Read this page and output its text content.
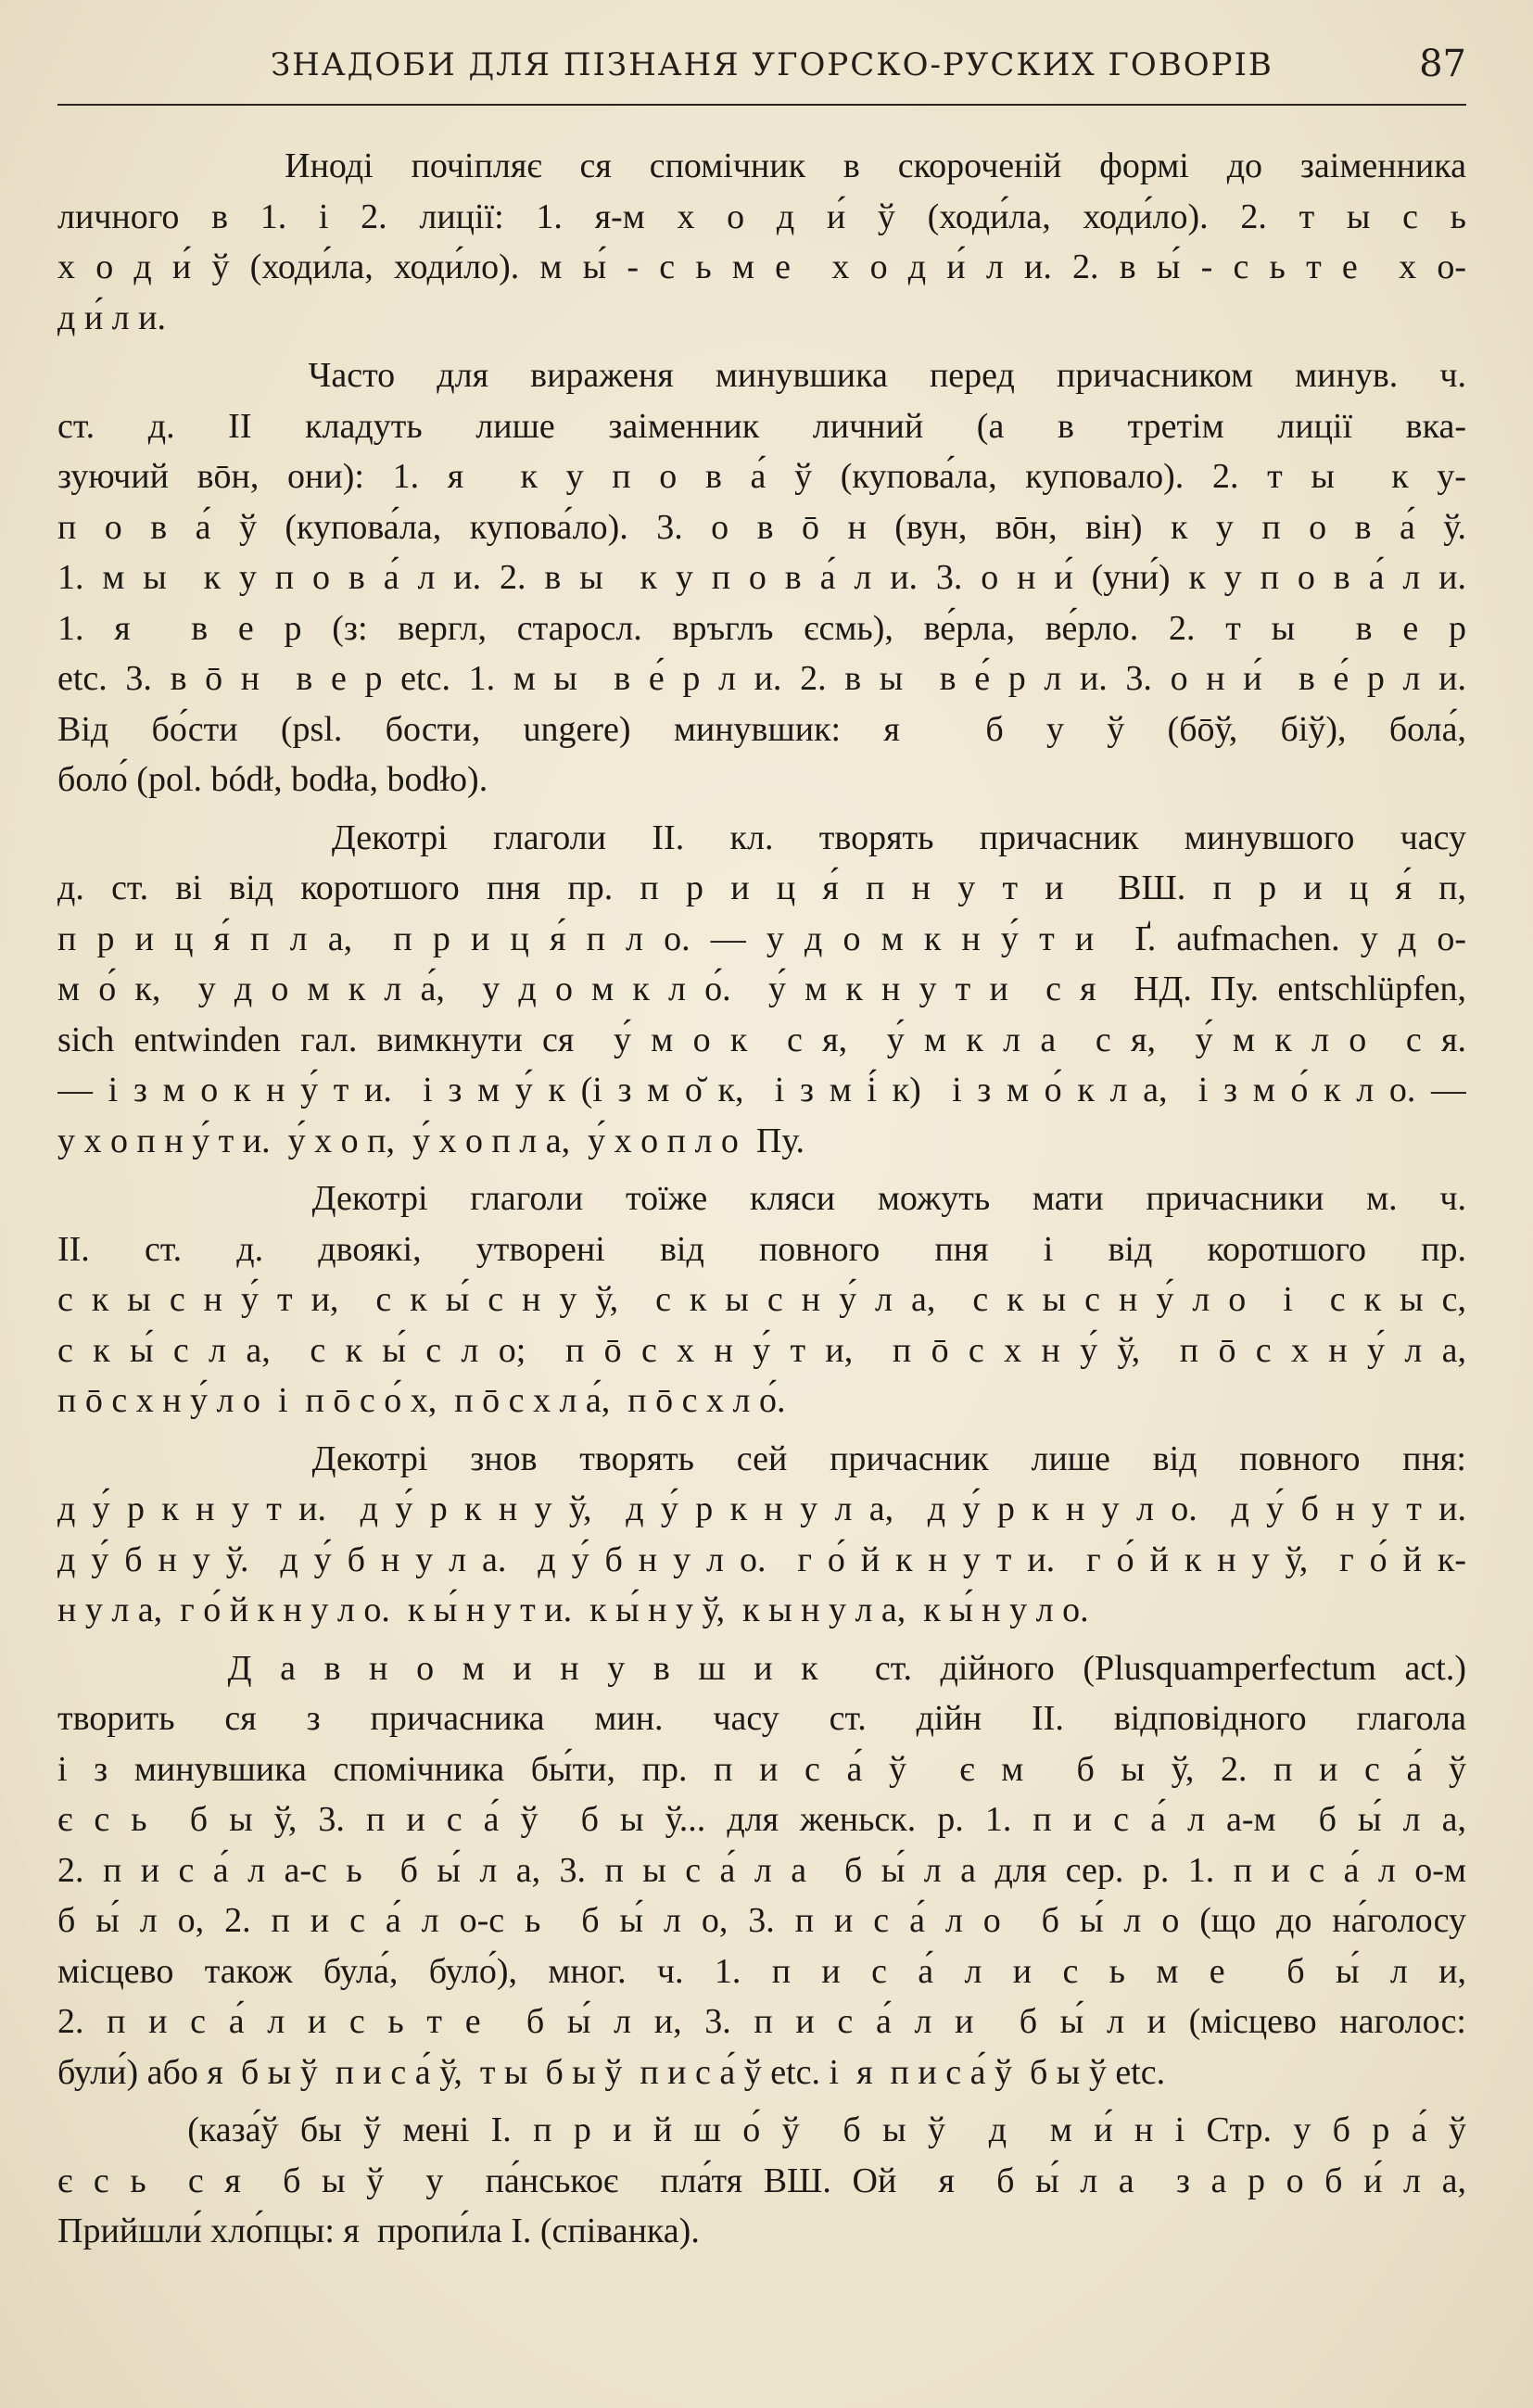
ЗНАДОБИ ДЛЯ ПІЗНАНЯ УГОРСКО-РУСКИХ ГОВОРІВ	87
Иноді почіпляє ся спомічник в скороченій формі до заіменника
личного в 1. і 2. лиції: 1. я-м х о д и́ ў (ходи́ла, ходи́ло). 2. т ы с ь
х о д и́ ў (ходи́ла, ходи́ло). м ы́ - с ь м е  х о д и́ л и. 2. в ы́ - с ь т е  х о-
д и́ л и.
Часто для вираженя минувшика перед причасником минув. ч.
ст. д. II кладуть лише заіменник личний (а в третім лиції вка-
зуючий вōн, они): 1. я  к у п о в а́ ў (купова́ла, куповало). 2. т ы  к у-
п о в а́ ў (купова́ла, купова́ло). 3. о в ō н (вун, вōн, він) к у п о в а́ ў.
1. м ы  к у п о в а́ л и. 2. в ы  к у п о в а́ л и. 3. о н и́ (уни́) к у п о в а́ л и.
1. я  в е р (з: вергл, старосл. връглъ єсмь), ве́рла, ве́рло. 2. т ы  в е р
etc. 3. в ō н  в е р etc. 1. м ы  в е́ р л и. 2. в ы  в е́ р л и. 3. о н и́  в е́ р л и.
Від бо́сти (psl. бости, ungere) минувшик: я  б у ў (бōў, біў), бола́,
боло́ (pol. bódł, bodła, bodło).
Декотрі глаголи II. кл. творять причасник минувшого часу
д. ст. ві від коротшого пня пр. п р и ц я́ п н у т и  ВШ. п р и ц я́ п,
п р и ц я́ п л а,  п р и ц я́ п л о. — у д о м к н у́ т и  Ґ. aufmachen. у д о-
м о́ к,  у д о м к л а́,  у д о м к л о́.  у́ м к н у т и  с я  НД. Пу. entschlüpfen,
sich entwinden гал. вимкнути ся  у́ м о к  с я,  у́ м к л а  с я,  у́ м к л о  с я.
— і з м о к н у́ т и.  і з м у́ к (і з м о̆ к,  і з м і́ к)  і з м о́ к л а,  і з м о́ к л о. —
у х о п н у́ т и.  у́ х о п,  у́ х о п л а,  у́ х о п л о  Пу.
Декотрі глаголи тоїже кляси можуть мати причасники м. ч.
II. ст. д. двоякі, утворені від повного пня і від коротшого пр.
с к ы с н у́ т и,  с к ы́ с н у ў,  с к ы с н у́ л а,  с к ы с н у́ л о  і  с к ы с,
с к ы́ с л а,  с к ы́ с л о;  п ō с х н у́ т и,  п ō с х н у́ ў,  п ō с х н у́ л а,
п ō с х н у́ л о  і  п ō с о́ х,  п ō с х л а́,  п ō с х л о́.
Декотрі знов творять сей причасник лише від повного пня:
д у́ р к н у т и.  д у́ р к н у ў,  д у́ р к н у л а,  д у́ р к н у л о.  д у́ б н у т и.
д у́ б н у ў.  д у́ б н у л а.  д у́ б н у л о.  г о́ й к н у т и.  г о́ й к н у ў,  г о́ й к-
н у л а,  г о́ й к н у л о.  к ы́ н у т и.  к ы́ н у ў,  к ы н у л а,  к ы́ н у л о.
Д а в н о м и н у в ш и к  ст. дійного (Plusquamperfectum act.)
творить ся з причасника мин. часу ст. дійн II. відповідного глагола
і з минувшика спомічника бы́ти, пр. п и с а́ ў  є м  б ы ў, 2. п и с а́ ў
є с ь  б ы ў, 3. п и с а́ ў  б ы ў... для женьск. р. 1. п и с а́ л а-м  б ы́ л а,
2. п и с а́ л а-с ь  б ы́ л а, 3. п ы с а́ л а  б ы́ л а для сер. р. 1. п и с а́ л о-м
б ы́ л о, 2. п и с а́ л о-с ь  б ы́ л о, 3. п и с а́ л о  б ы́ л о (що до на́голосу
місцево також була́, було́), мног. ч. 1. п и с а́ л и с ь м е  б ы́ л и,
2. п и с а́ л и с ь т е  б ы́ л и, 3. п и с а́ л и  б ы́ л и (місцево наголос:
були́) або я  б ы ў  п и с а́ ў,  т ы  б ы ў  п и с а́ ў etc. і  я  п и с а́ ў  б ы ў etc.
(каза́ў бы ў мені І. п р и й ш о́ ў  б ы ў  д  м и́ н і Стр. у б р а́ ў
є с ь  с я  б ы ў  у  па́нськоє  пла́тя ВШ. Ой  я  б ы́ л а  з а р о б и́ л а,
Прийшли́ хло́пцы: я  пропи́ла І. (співанка).
